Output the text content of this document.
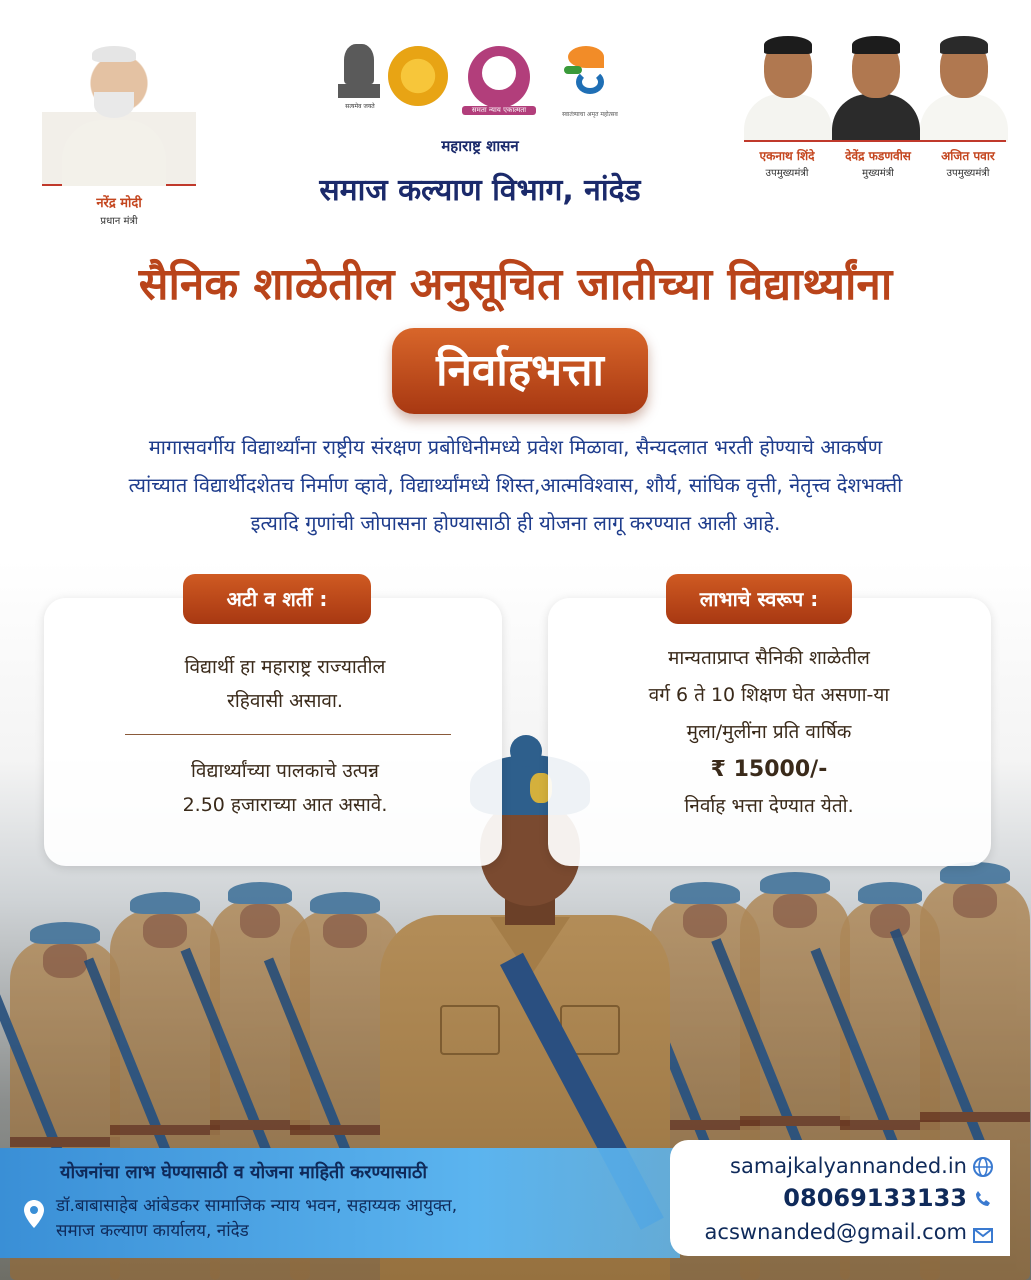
नरेंद्र मोदी
प्रधान मंत्री
सत्यमेव जयते	समता न्याय एकात्मता
स्वातंत्र्याचा अमृत महोत्सव
महाराष्ट्र शासन
समाज कल्याण विभाग, नांदेड
एकनाथ शिंदे
उपमुख्यमंत्री
देवेंद्र फडणवीस
मुख्यमंत्री
अजित पवार
उपमुख्यमंत्री
सैनिक शाळेतील अनुसूचित जातीच्या विद्यार्थ्यांना
निर्वाहभत्ता
मागासवर्गीय विद्यार्थ्यांना राष्ट्रीय संरक्षण प्रबोधिनीमध्ये प्रवेश मिळावा, सैन्यदलात भरती होण्याचे आकर्षण
त्यांच्यात विद्यार्थीदशेतच निर्माण व्हावे, विद्यार्थ्यांमध्ये शिस्त,आत्मविश्वास, शौर्य, सांघिक वृत्ती, नेतृत्त्व देशभक्ती
इत्यादि गुणांची जोपासना होण्यासाठी ही योजना लागू करण्यात आली आहे.
अटी व शर्ती :	लाभाचे स्वरूप :
विद्यार्थी हा महाराष्ट्र राज्यातील
रहिवासी असावा.
विद्यार्थ्यांच्या पालकाचे उत्पन्न
2.50 हजाराच्या आत असावे.
मान्यताप्राप्त सैनिकी शाळेतील
वर्ग 6 ते 10 शिक्षण घेत असणा-या
मुला/मुलींना प्रति वार्षिक
₹ 15000/-
निर्वाह भत्ता देण्यात येतो.
योजनांचा लाभ घेण्यासाठी व योजना माहिती करण्यासाठी
डॉ.बाबासाहेब आंबेडकर सामाजिक न्याय भवन, सहाय्यक आयुक्त,
समाज कल्याण कार्यालय, नांदेड
samajkalyannanded.in
08069133133
acswnanded@gmail.com
